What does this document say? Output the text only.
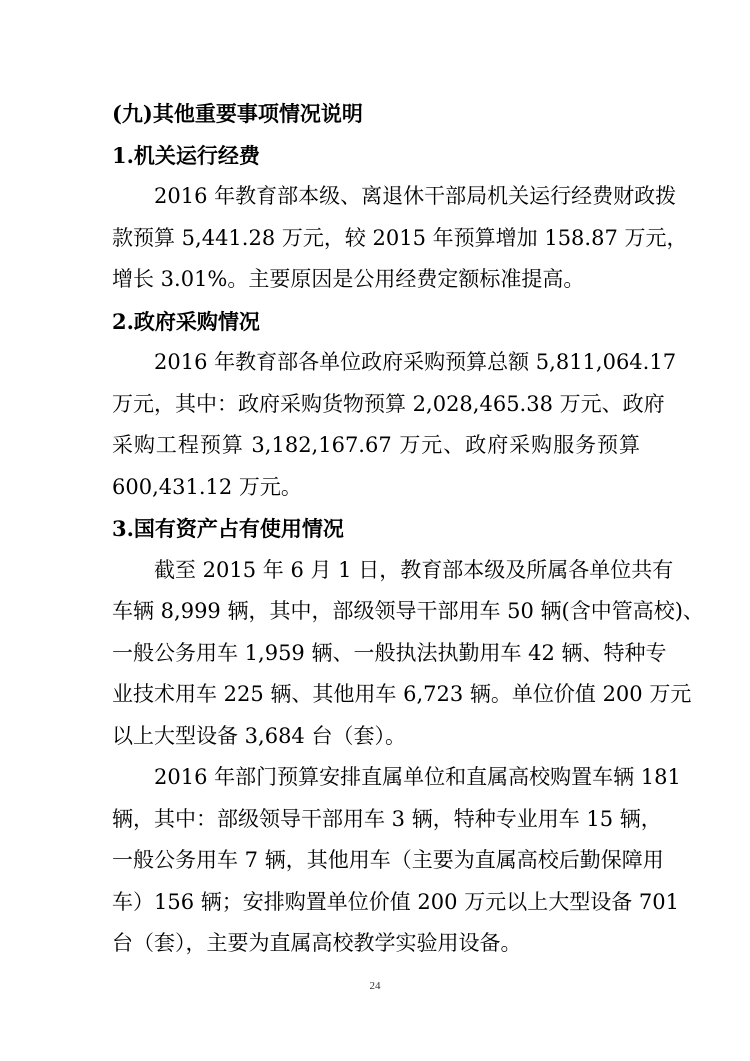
(九)其他重要事项情况说明
1.机关运行经费
2016 年教育部本级、离退休干部局机关运行经费财政拨
款预算 5,441.28 万元，较 2015 年预算增加 158.87 万元，
增长 3.01%。主要原因是公用经费定额标准提高。
2.政府采购情况
2016 年教育部各单位政府采购预算总额 5,811,064.17
万元，其中：政府采购货物预算 2,028,465.38 万元、政府
采购工程预算 3,182,167.67 万元、政府采购服务预算
600,431.12 万元。
3.国有资产占有使用情况
截至 2015 年 6 月 1 日，教育部本级及所属各单位共有
车辆 8,999 辆，其中，部级领导干部用车 50 辆(含中管高校)、
一般公务用车 1,959 辆、一般执法执勤用车 42 辆、特种专
业技术用车 225 辆、其他用车 6,723 辆。单位价值 200 万元
以上大型设备 3,684 台（套）。
2016 年部门预算安排直属单位和直属高校购置车辆 181
辆，其中：部级领导干部用车 3 辆，特种专业用车 15 辆，
一般公务用车 7 辆，其他用车（主要为直属高校后勤保障用
车）156 辆；安排购置单位价值 200 万元以上大型设备 701
台（套），主要为直属高校教学实验用设备。
24
